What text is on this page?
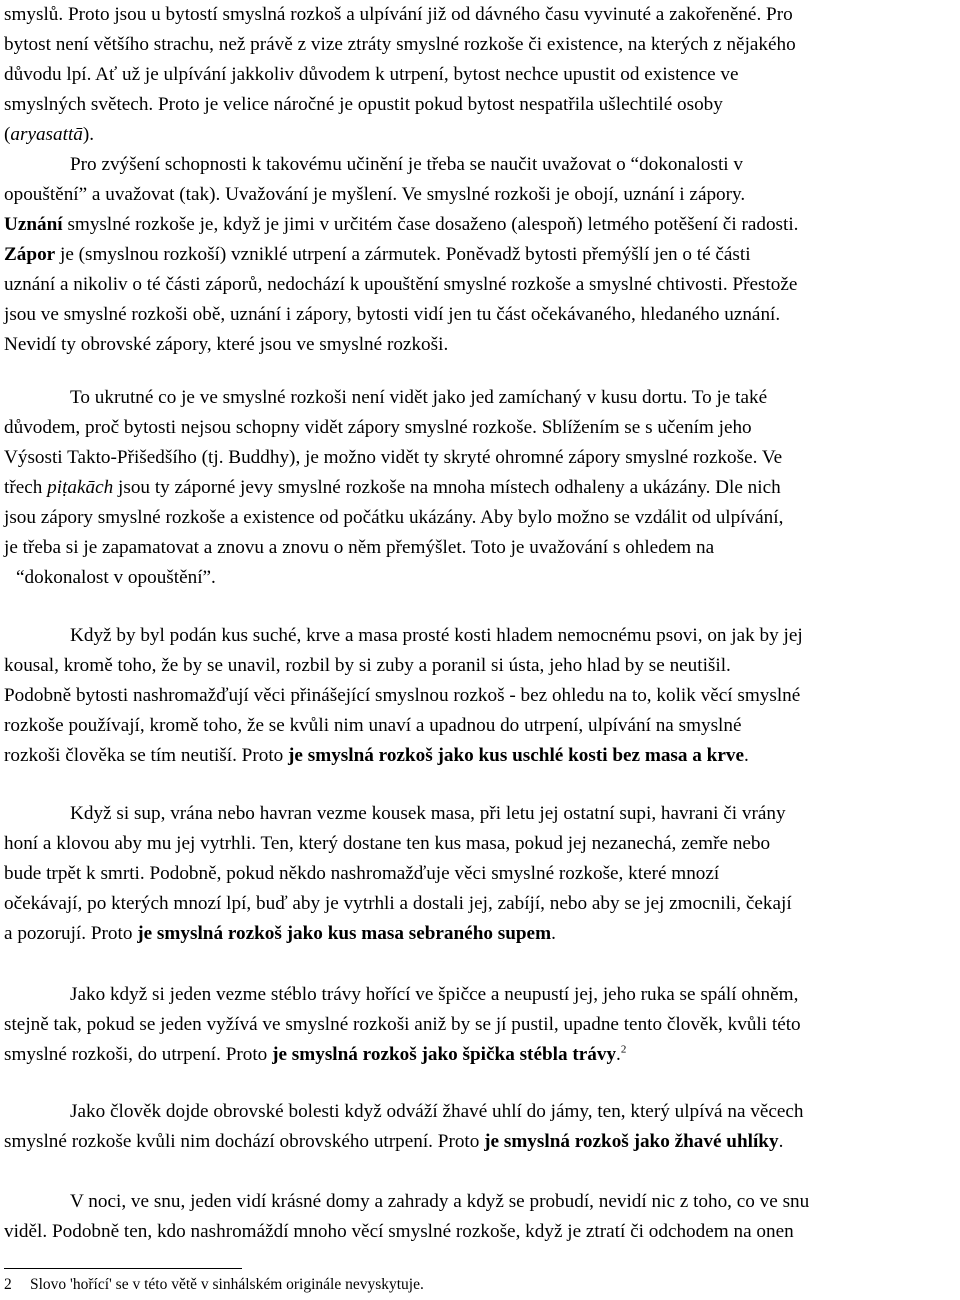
smyslů. Proto jsou u bytostí smyslná rozkoš a ulpívání již od dávného času vyvinuté a zakořeněné. Pro
bytost není většího strachu, než právě z vize ztráty smyslné rozkoše či existence, na kterých z nějakého
důvodu lpí. Ať už je ulpívání jakkoliv důvodem k utrpení, bytost nechce upustit od existence ve
smyslných světech. Proto je velice náročné je opustit pokud bytost nespatřila ušlechtilé osoby
(aryasattā).
Pro zvýšení schopnosti k takovému učinění je třeba se naučit uvažovat o “dokonalosti v
opouštění” a uvažovat (tak). Uvažování je myšlení. Ve smyslné rozkoši je obojí, uznání i zápory.
Uznání smyslné rozkoše je, když je jimi v určitém čase dosaženo (alespoň) letmého potěšení či radosti.
Zápor je (smyslnou rozkoší) vzniklé utrpení a zármutek. Poněvadž bytosti přemýšlí jen o té části
uznání a nikoliv o té části záporů, nedochází k upouštění smyslné rozkoše a smyslné chtivosti. Přestože
jsou ve smyslné rozkoši obě, uznání i zápory, bytosti vidí jen tu část očekávaného, hledaného uznání.
Nevidí ty obrovské zápory, které jsou ve smyslné rozkoši.

To ukrutné co je ve smyslné rozkoši není vidět jako jed zamíchaný v kusu dortu. To je také
důvodem, proč bytosti nejsou schopny vidět zápory smyslné rozkoše. Sblížením se s učením jeho
Výsosti Takto-Přišedšího (tj. Buddhy), je možno vidět ty skryté ohromné zápory smyslné rozkoše. Ve
třech piṭakāch jsou ty záporné jevy smyslné rozkoše na mnoha místech odhaleny a ukázány. Dle nich
jsou zápory smyslné rozkoše a existence od počátku ukázány. Aby bylo možno se vzdálit od ulpívání,
je třeba si je zapamatovat a znovu a znovu o něm přemýšlet. Toto je uvažování s ohledem na
“dokonalost v opouštění”.

Když by byl podán kus suché, krve a masa prosté kosti hladem nemocnému psovi, on jak by jej
kousal, kromě toho, že by se unavil, rozbil by si zuby a poranil si ústa, jeho hlad by se neutišil.
Podobně bytosti nashromažďují věci přinášející smyslnou rozkoš - bez ohledu na to, kolik věcí smyslné
rozkoše používají, kromě toho, že se kvůli nim unaví a upadnou do utrpení, ulpívání na smyslné
rozkoši člověka se tím neutiší. Proto je smyslná rozkoš jako kus uschlé kosti bez masa a krve.

Když si sup, vrána nebo havran vezme kousek masa, při letu jej ostatní supi, havrani či vrány
honí a klovou aby mu jej vytrhli. Ten, který dostane ten kus masa, pokud jej nezanechá, zemře nebo
bude trpět k smrti. Podobně, pokud někdo nashromažďuje věci smyslné rozkoše, které mnozí
očekávají, po kterých mnozí lpí, buď aby je vytrhli a dostali jej, zabíjí, nebo aby se jej zmocnili, čekají
a pozorují. Proto je smyslná rozkoš jako kus masa sebraného supem.

Jako když si jeden vezme stéblo trávy hořící ve špičce a neupustí jej, jeho ruka se spálí ohněm,
stejně tak, pokud se jeden vyžívá ve smyslné rozkoši aniž by se jí pustil, upadne tento člověk, kvůli této
smyslné rozkoši, do utrpení. Proto je smyslná rozkoš jako špička stébla trávy.$^2$

Jako člověk dojde obrovské bolesti když odváží žhavé uhlí do jámy, ten, který ulpívá na věcech
smyslné rozkoše kvůli nim dochází obrovského utrpení. Proto je smyslná rozkoš jako žhavé uhlíky.

V noci, ve snu, jeden vidí krásné domy a zahrady a když se probudí, nevidí nic z toho, co ve snu
viděl. Podobně ten, kdo nashromáždí mnoho věcí smyslné rozkoše, když je ztratí či odchodem na onen

2 Slovo 'hořící' se v této větě v sinhálském originále nevyskytuje.
